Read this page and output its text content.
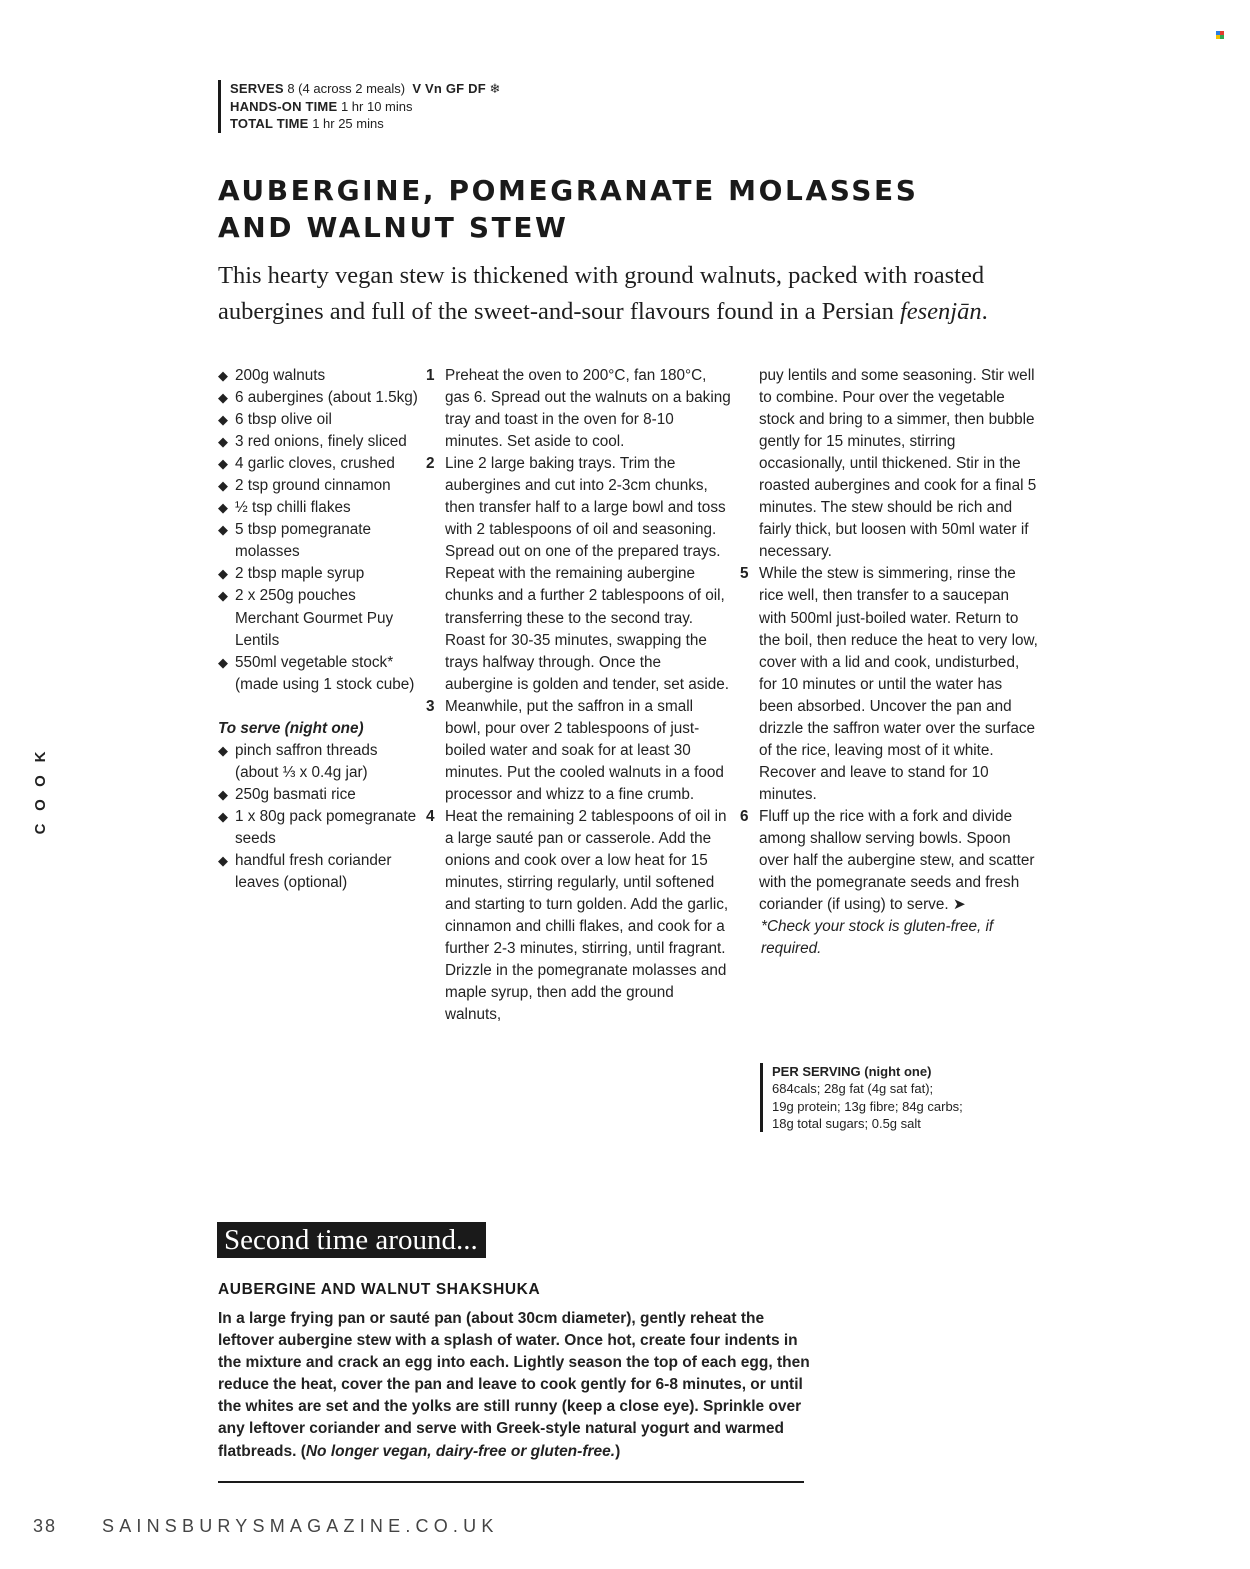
SERVES 8 (4 across 2 meals) V Vn GF DF ❄
HANDS-ON TIME 1 hr 10 mins
TOTAL TIME 1 hr 25 mins
AUBERGINE, POMEGRANATE MOLASSES
AND WALNUT STEW

This hearty vegan stew is thickened with ground walnuts, packed with roasted aubergines and full of the sweet-and-sour flavours found in a Persian fesenjān.

◆ 200g walnuts
◆ 6 aubergines (about 1.5kg)
◆ 6 tbsp olive oil
◆ 3 red onions, finely sliced
◆ 4 garlic cloves, crushed
◆ 2 tsp ground cinnamon
◆ ½ tsp chilli flakes
◆ 5 tbsp pomegranate molasses
◆ 2 tbsp maple syrup
◆ 2 x 250g pouches Merchant Gourmet Puy Lentils
◆ 550ml vegetable stock* (made using 1 stock cube)
To serve (night one)
◆ pinch saffron threads (about ⅓ x 0.4g jar)
◆ 250g basmati rice
◆ 1 x 80g pack pomegranate seeds
◆ handful fresh coriander leaves (optional)
1 Preheat the oven to 200°C, fan 180°C, gas 6. Spread out the walnuts on a baking tray and toast in the oven for 8-10 minutes. Set aside to cool.
2 Line 2 large baking trays. Trim the aubergines and cut into 2-3cm chunks, then transfer half to a large bowl and toss with 2 tablespoons of oil and seasoning. Spread out on one of the prepared trays. Repeat with the remaining aubergine chunks and a further 2 tablespoons of oil, transferring these to the second tray. Roast for 30-35 minutes, swapping the trays halfway through. Once the aubergine is golden and tender, set aside.
3 Meanwhile, put the saffron in a small bowl, pour over 2 tablespoons of just-boiled water and soak for at least 30 minutes. Put the cooled walnuts in a food processor and whizz to a fine crumb.
4 Heat the remaining 2 tablespoons of oil in a large sauté pan or casserole. Add the onions and cook over a low heat for 15 minutes, stirring regularly, until softened and starting to turn golden. Add the garlic, cinnamon and chilli flakes, and cook for a further 2-3 minutes, stirring, until fragrant. Drizzle in the pomegranate molasses and maple syrup, then add the ground walnuts,
puy lentils and some seasoning. Stir well to combine. Pour over the vegetable stock and bring to a simmer, then bubble gently for 15 minutes, stirring occasionally, until thickened. Stir in the roasted aubergines and cook for a final 5 minutes. The stew should be rich and fairly thick, but loosen with 50ml water if necessary.
5 While the stew is simmering, rinse the rice well, then transfer to a saucepan with 500ml just-boiled water. Return to the boil, then reduce the heat to very low, cover with a lid and cook, undisturbed, for 10 minutes or until the water has been absorbed. Uncover the pan and drizzle the saffron water over the surface of the rice, leaving most of it white. Recover and leave to stand for 10 minutes.
6 Fluff up the rice with a fork and divide among shallow serving bowls. Spoon over half the aubergine stew, and scatter with the pomegranate seeds and fresh coriander (if using) to serve. ➤
*Check your stock is gluten-free, if required.
PER SERVING (night one)
684cals; 28g fat (4g sat fat);
19g protein; 13g fibre; 84g carbs;
18g total sugars; 0.5g salt
K
O
O
C
Second time around...
AUBERGINE AND WALNUT SHAKSHUKA

In a large frying pan or sauté pan (about 30cm diameter), gently reheat the leftover aubergine stew with a splash of water. Once hot, create four indents in the mixture and crack an egg into each. Lightly season the top of each egg, then reduce the heat, cover the pan and leave to cook gently for 6-8 minutes, or until the whites are set and the yolks are still runny (keep a close eye). Sprinkle over any leftover coriander and serve with Greek-style natural yogurt and warmed flatbreads. (No longer vegan, dairy-free or gluten-free.)

38 SAINSBURYSMAGAZINE.CO.UK
